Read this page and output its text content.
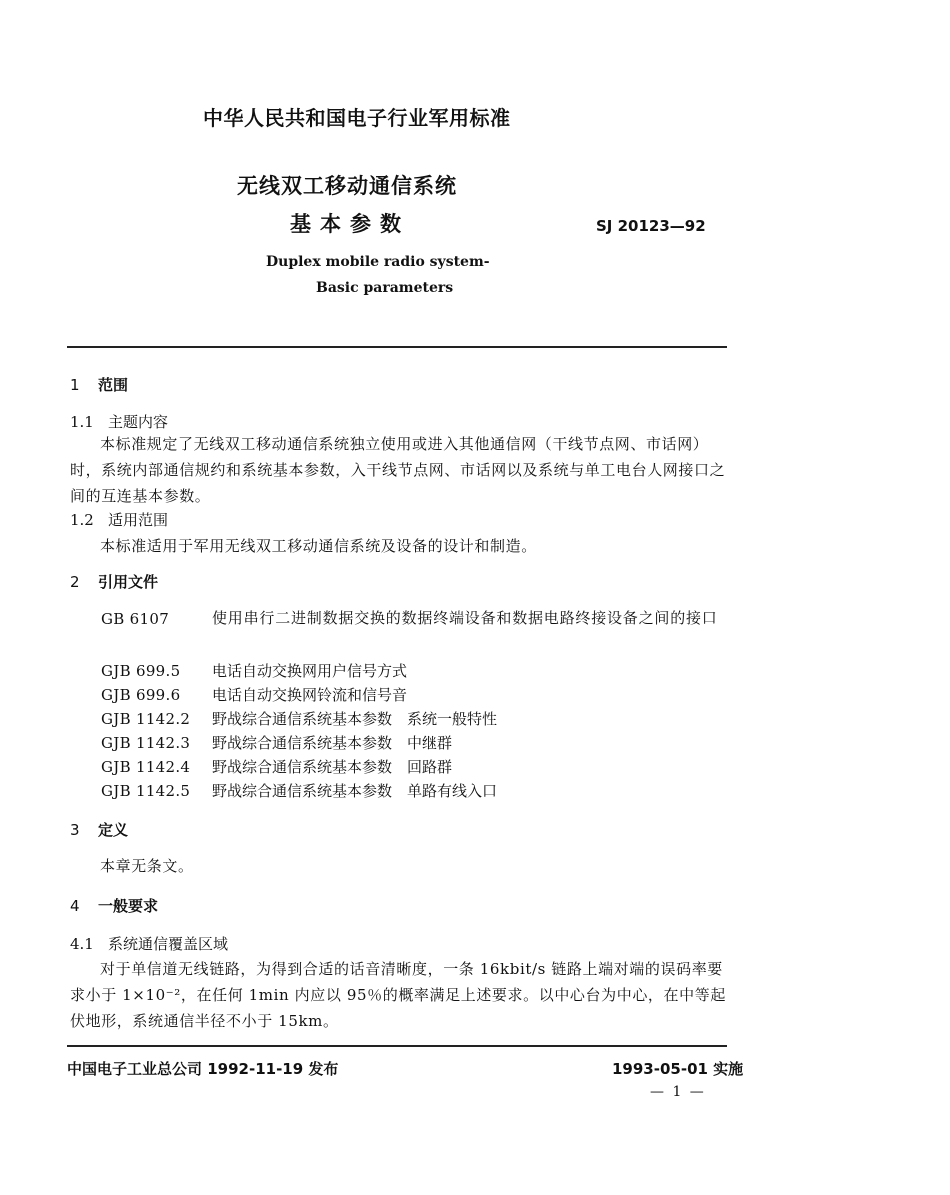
中华人民共和国电子行业军用标准
无线双工移动通信系统
基本参数	SJ 20123—92
Duplex mobile radio system-
Basic parameters
1 范围
1.1 主题内容
本标准规定了无线双工移动通信系统独立使用或进入其他通信网（干线节点网、市话网）时，系统内部通信规约和系统基本参数，入干线节点网、市话网以及系统与单工电台人网接口之间的互连基本参数。
1.2 适用范围
本标准适用于军用无线双工移动通信系统及设备的设计和制造。
2 引用文件
GB 6107	使用串行二进制数据交换的数据终端设备和数据电路终接设备之间的接口
GJB 699.5 电话自动交换网用户信号方式
GJB 699.6 电话自动交换网铃流和信号音
GJB 1142.2 野战综合通信系统基本参数　系统一般特性
GJB 1142.3 野战综合通信系统基本参数　中继群
GJB 1142.4 野战综合通信系统基本参数　回路群
GJB 1142.5 野战综合通信系统基本参数　单路有线入口
3 定义
本章无条文。
4 一般要求
4.1 系统通信覆盖区域
对于单信道无线链路，为得到合适的话音清晰度，一条 16kbit/s 链路上端对端的误码率要求小于 1×10⁻²，在任何 1min 内应以 95％的概率满足上述要求。以中心台为中心，在中等起伏地形，系统通信半径不小于 15km。
中国电子工业总公司 1992-11-19 发布	1993-05-01 实施
— 1 —
